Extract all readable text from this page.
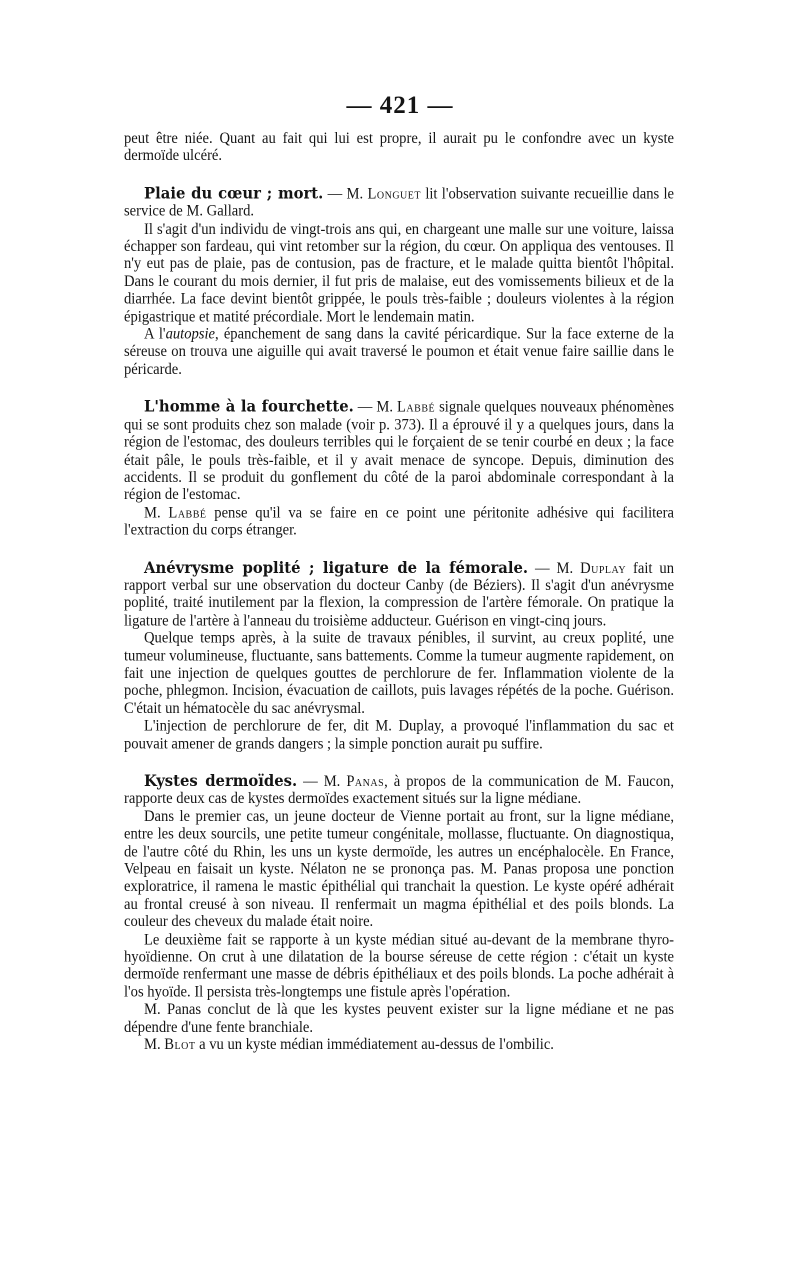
— 421 —

peut être niée. Quant au fait qui lui est propre, il aurait pu le confondre avec un kyste dermoïde ulcéré.

Plaie du cœur ; mort. — M. Longuet lit l'observation suivante recueillie dans le service de M. Gallard.

Il s'agit d'un individu de vingt-trois ans qui, en chargeant une malle sur une voiture, laissa échapper son fardeau, qui vint retomber sur la région, du cœur. On appliqua des ventouses. Il n'y eut pas de plaie, pas de contusion, pas de fracture, et le malade quitta bientôt l'hôpital. Dans le courant du mois dernier, il fut pris de malaise, eut des vomissements bilieux et de la diarrhée. La face devint bientôt grippée, le pouls très-faible ; douleurs violentes à la région épigastrique et matité précordiale. Mort le lendemain matin.

A l'autopsie, épanchement de sang dans la cavité péricardique. Sur la face externe de la séreuse on trouva une aiguille qui avait traversé le poumon et était venue faire saillie dans le péricarde.

L'homme à la fourchette. — M. Labbé signale quelques nouveaux phénomènes qui se sont produits chez son malade (voir p. 373). Il a éprouvé il y a quelques jours, dans la région de l'estomac, des douleurs terribles qui le forçaient de se tenir courbé en deux ; la face était pâle, le pouls très-faible, et il y avait menace de syncope. Depuis, diminution des accidents. Il se produit du gonflement du côté de la paroi abdominale correspondant à la région de l'estomac.

M. Labbé pense qu'il va se faire en ce point une péritonite adhésive qui facilitera l'extraction du corps étranger.

Anévrysme poplité ; ligature de la fémorale. — M. Duplay fait un rapport verbal sur une observation du docteur Canby (de Béziers). Il s'agit d'un anévrysme poplité, traité inutilement par la flexion, la compression de l'artère fémorale. On pratique la ligature de l'artère à l'anneau du troisième adducteur. Guérison en vingt-cinq jours.

Quelque temps après, à la suite de travaux pénibles, il survint, au creux poplité, une tumeur volumineuse, fluctuante, sans battements. Comme la tumeur augmente rapidement, on fait une injection de quelques gouttes de perchlorure de fer. Inflammation violente de la poche, phlegmon. Incision, évacuation de caillots, puis lavages répétés de la poche. Guérison. C'était un hématocèle du sac anévrysmal.

L'injection de perchlorure de fer, dit M. Duplay, a provoqué l'inflammation du sac et pouvait amener de grands dangers ; la simple ponction aurait pu suffire.

Kystes dermoïdes. — M. Panas, à propos de la communication de M. Faucon, rapporte deux cas de kystes dermoïdes exactement situés sur la ligne médiane.

Dans le premier cas, un jeune docteur de Vienne portait au front, sur la ligne médiane, entre les deux sourcils, une petite tumeur congénitale, mollasse, fluctuante. On diagnostiqua, de l'autre côté du Rhin, les uns un kyste dermoïde, les autres un encéphalocèle. En France, Velpeau en faisait un kyste. Nélaton ne se prononça pas. M. Panas proposa une ponction exploratrice, il ramena le mastic épithélial qui tranchait la question. Le kyste opéré adhérait au frontal creusé à son niveau. Il renfermait un magma épithélial et des poils blonds. La couleur des cheveux du malade était noire.

Le deuxième fait se rapporte à un kyste médian situé au-devant de la membrane thyro-hyoïdienne. On crut à une dilatation de la bourse séreuse de cette région : c'était un kyste dermoïde renfermant une masse de débris épithéliaux et des poils blonds. La poche adhérait à l'os hyoïde. Il persista très-longtemps une fistule après l'opération.

M. Panas conclut de là que les kystes peuvent exister sur la ligne médiane et ne pas dépendre d'une fente branchiale.

M. Blot a vu un kyste médian immédiatement au-dessus de l'ombilic.
